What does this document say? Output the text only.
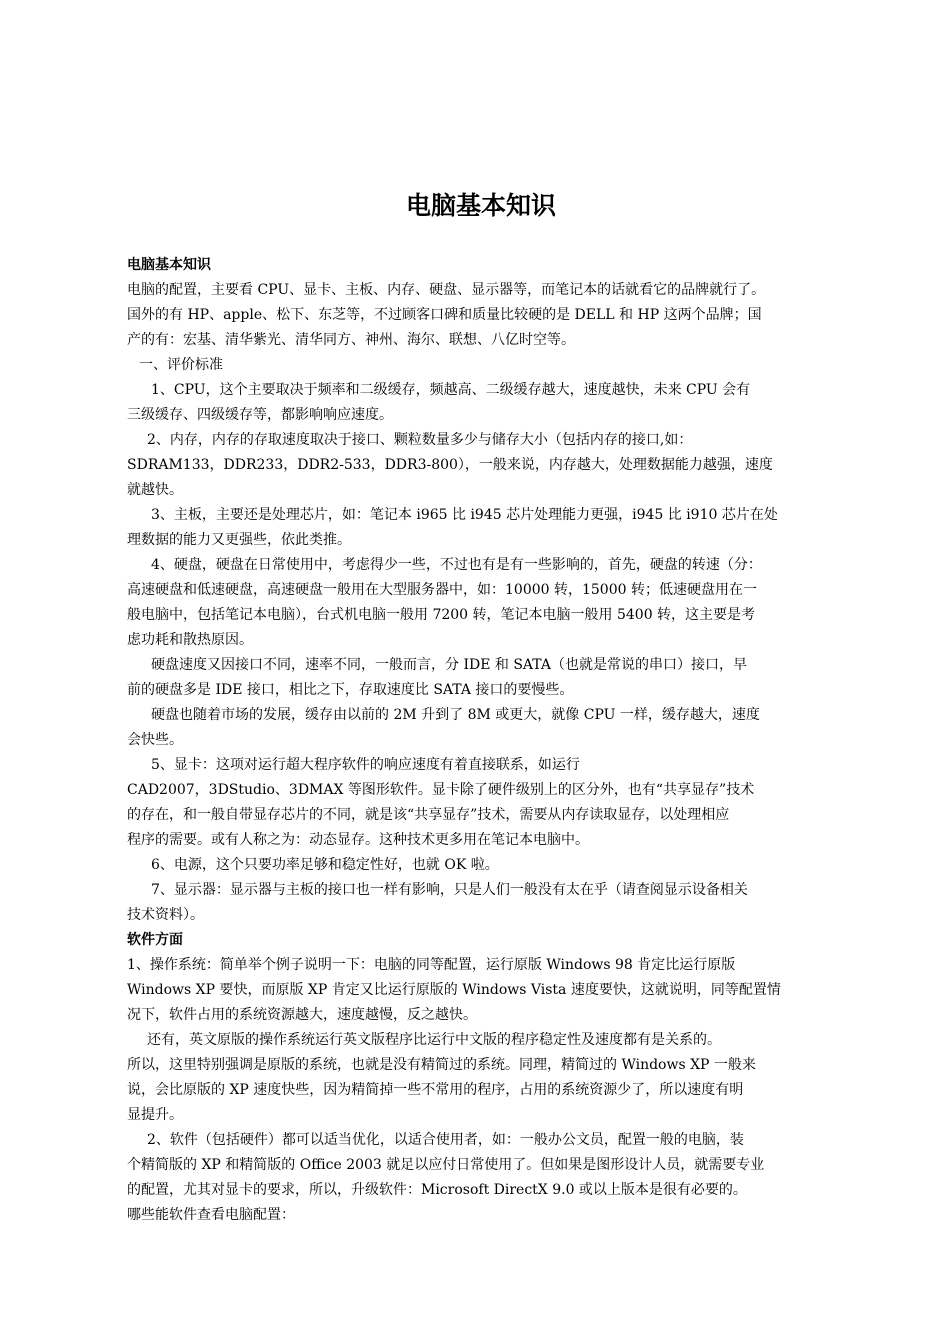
电脑基本知识
电脑基本知识
电脑的配置，主要看 CPU、显卡、主板、内存、硬盘、显示器等，而笔记本的话就看它的品牌就行了。
国外的有 HP、apple、松下、东芝等，不过顾客口碑和质量比较硬的是 DELL 和 HP 这两个品牌；国
产的有：宏基、清华紫光、清华同方、神州、海尔、联想、八亿时空等。
一、评价标准
1、CPU，这个主要取决于频率和二级缓存，频越高、二级缓存越大，速度越快，未来 CPU 会有
三级缓存、四级缓存等，都影响响应速度。
2、内存，内存的存取速度取决于接口、颗粒数量多少与储存大小（包括内存的接口,如：
SDRAM133，DDR233，DDR2-533，DDR3-800），一般来说，内存越大，处理数据能力越强，速度
就越快。
3、主板，主要还是处理芯片，如：笔记本 i965 比 i945 芯片处理能力更强，i945 比 i910 芯片在处
理数据的能力又更强些，依此类推。
4、硬盘，硬盘在日常使用中，考虑得少一些，不过也有是有一些影响的，首先，硬盘的转速（分：
高速硬盘和低速硬盘，高速硬盘一般用在大型服务器中，如：10000 转，15000 转；低速硬盘用在一
般电脑中，包括笔记本电脑），台式机电脑一般用 7200 转，笔记本电脑一般用 5400 转，这主要是考
虑功耗和散热原因。
硬盘速度又因接口不同，速率不同，一般而言，分 IDE 和 SATA（也就是常说的串口）接口，早
前的硬盘多是 IDE 接口，相比之下，存取速度比 SATA 接口的要慢些。
硬盘也随着市场的发展，缓存由以前的 2M 升到了 8M 或更大，就像 CPU 一样，缓存越大，速度
会快些。
5、显卡：这项对运行超大程序软件的响应速度有着直接联系，如运行
CAD2007，3DStudio、3DMAX 等图形软件。显卡除了硬件级别上的区分外，也有“共享显存”技术
的存在，和一般自带显存芯片的不同，就是该“共享显存”技术，需要从内存读取显存，以处理相应
程序的需要。或有人称之为：动态显存。这种技术更多用在笔记本电脑中。
6、电源，这个只要功率足够和稳定性好，也就 OK 啦。
7、显示器：显示器与主板的接口也一样有影响，只是人们一般没有太在乎（请查阅显示设备相关
技术资料）。
软件方面
1、操作系统：简单举个例子说明一下：电脑的同等配置，运行原版 Windows 98 肯定比运行原版
Windows XP 要快，而原版 XP 肯定又比运行原版的 Windows Vista 速度要快，这就说明，同等配置情
况下，软件占用的系统资源越大，速度越慢，反之越快。
还有，英文原版的操作系统运行英文版程序比运行中文版的程序稳定性及速度都有是关系的。
所以，这里特别强调是原版的系统，也就是没有精简过的系统。同理，精简过的 Windows XP 一般来
说，会比原版的 XP 速度快些，因为精简掉一些不常用的程序，占用的系统资源少了，所以速度有明
显提升。
2、软件（包括硬件）都可以适当优化，以适合使用者，如：一般办公文员，配置一般的电脑，装
个精简版的 XP 和精简版的 Office 2003 就足以应付日常使用了。但如果是图形设计人员，就需要专业
的配置，尤其对显卡的要求，所以，升级软件：Microsoft DirectX 9.0 或以上版本是很有必要的。
哪些能软件查看电脑配置：
